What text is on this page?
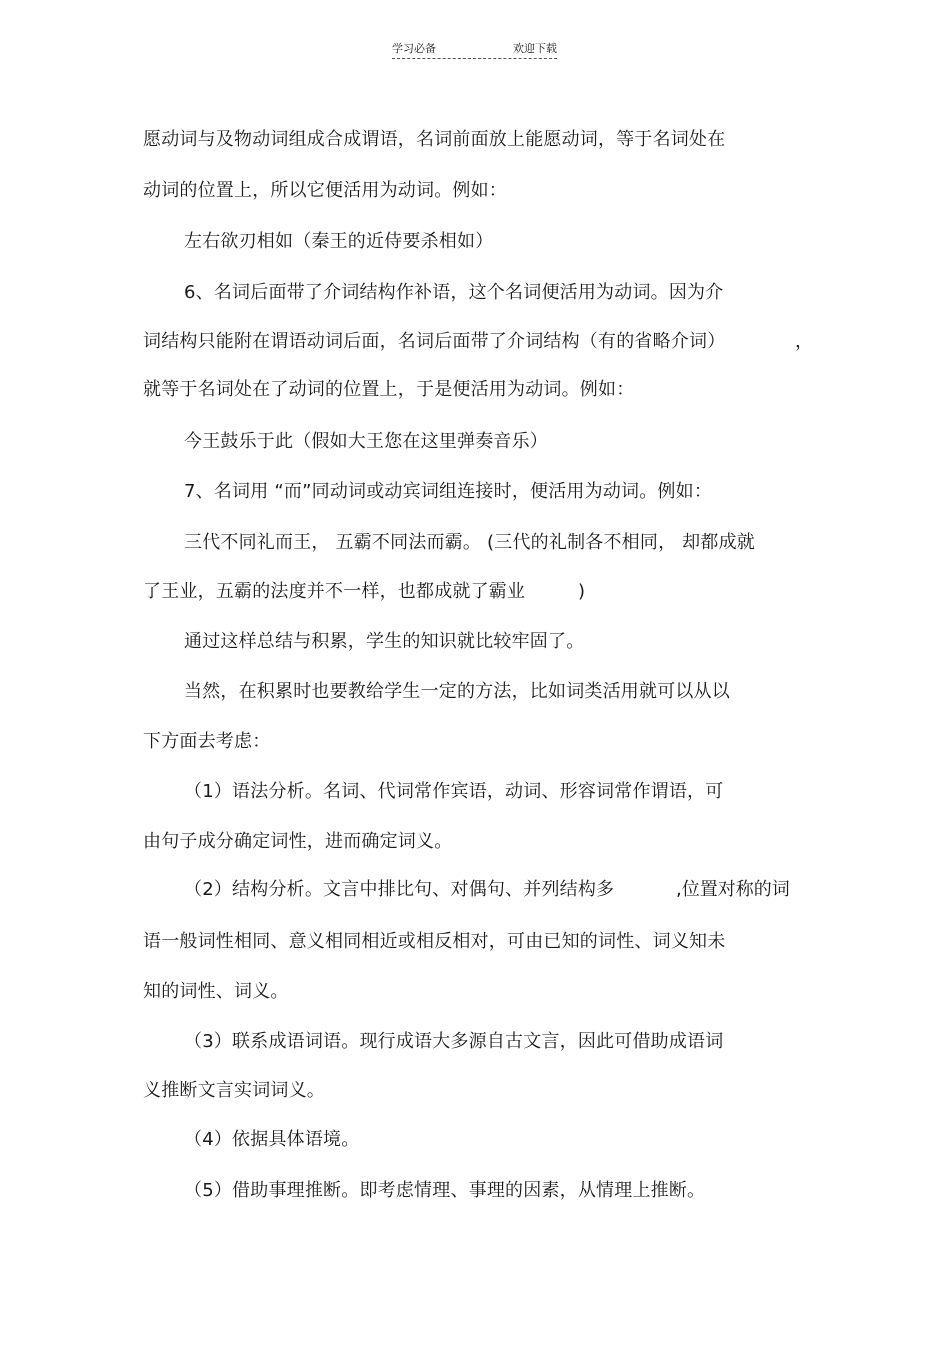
学习必备	欢迎下载
愿动词与及物动词组成合成谓语，名词前面放上能愿动词，等于名词处在
动词的位置上，所以它便活用为动词。例如：
左右欲刃相如（秦王的近侍要杀相如）
6、名词后面带了介词结构作补语，这个名词便活用为动词。因为介
词结构只能附在谓语动词后面，名词后面带了介词结构（有的省略介词）	，
就等于名词处在了动词的位置上，于是便活用为动词。例如：
今王鼓乐于此（假如大王您在这里弹奏音乐）
7、名词用 “而”同动词或动宾词组连接时，便活用为动词。例如：
三代不同礼而王， 五霸不同法而霸。 (三代的礼制各不相同， 却都成就
了王业，五霸的法度并不一样，也都成就了霸业	)
通过这样总结与积累，学生的知识就比较牢固了。
当然，在积累时也要教给学生一定的方法，比如词类活用就可以从以
下方面去考虑：
（1）语法分析。名词、代词常作宾语，动词、形容词常作谓语，可
由句子成分确定词性，进而确定词义。
（2）结构分析。文言中排比句、对偶句、并列结构多	,位置对称的词
语一般词性相同、意义相同相近或相反相对，可由已知的词性、词义知未
知的词性、词义。
（3）联系成语词语。现行成语大多源自古文言，因此可借助成语词
义推断文言实词词义。
（4）依据具体语境。
（5）借助事理推断。即考虑情理、事理的因素，从情理上推断。
